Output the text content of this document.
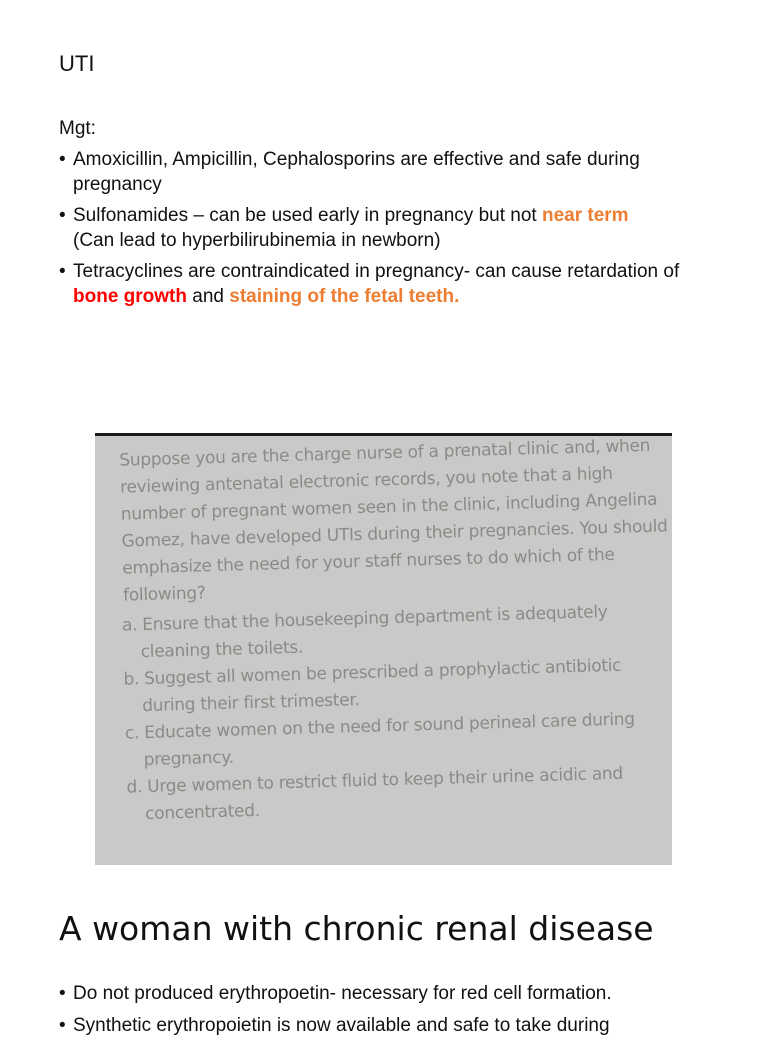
UTI
Mgt:
• Amoxicillin, Ampicillin, Cephalosporins are effective and safe during pregnancy
• Sulfonamides – can be used early in pregnancy but not near term
(Can lead to hyperbilirubinemia in newborn)
• Tetracyclines are contraindicated in pregnancy- can cause retardation of bone growth and staining of the fetal teeth.

Suppose you are the charge nurse of a prenatal clinic and, when reviewing antenatal electronic records, you note that a high number of pregnant women seen in the clinic, including Angelina Gomez, have developed UTIs during their pregnancies. You should emphasize the need for your staff nurses to do which of the following?

a. Ensure that the housekeeping department is adequately cleaning the toilets.

b. Suggest all women be prescribed a prophylactic antibiotic during their first trimester.

c. Educate women on the need for sound perineal care during pregnancy.

d. Urge women to restrict fluid to keep their urine acidic and concentrated.

A woman with chronic renal disease
• Do not produced erythropoetin- necessary for red cell formation.
• Synthetic erythropoietin is now available and safe to take during
